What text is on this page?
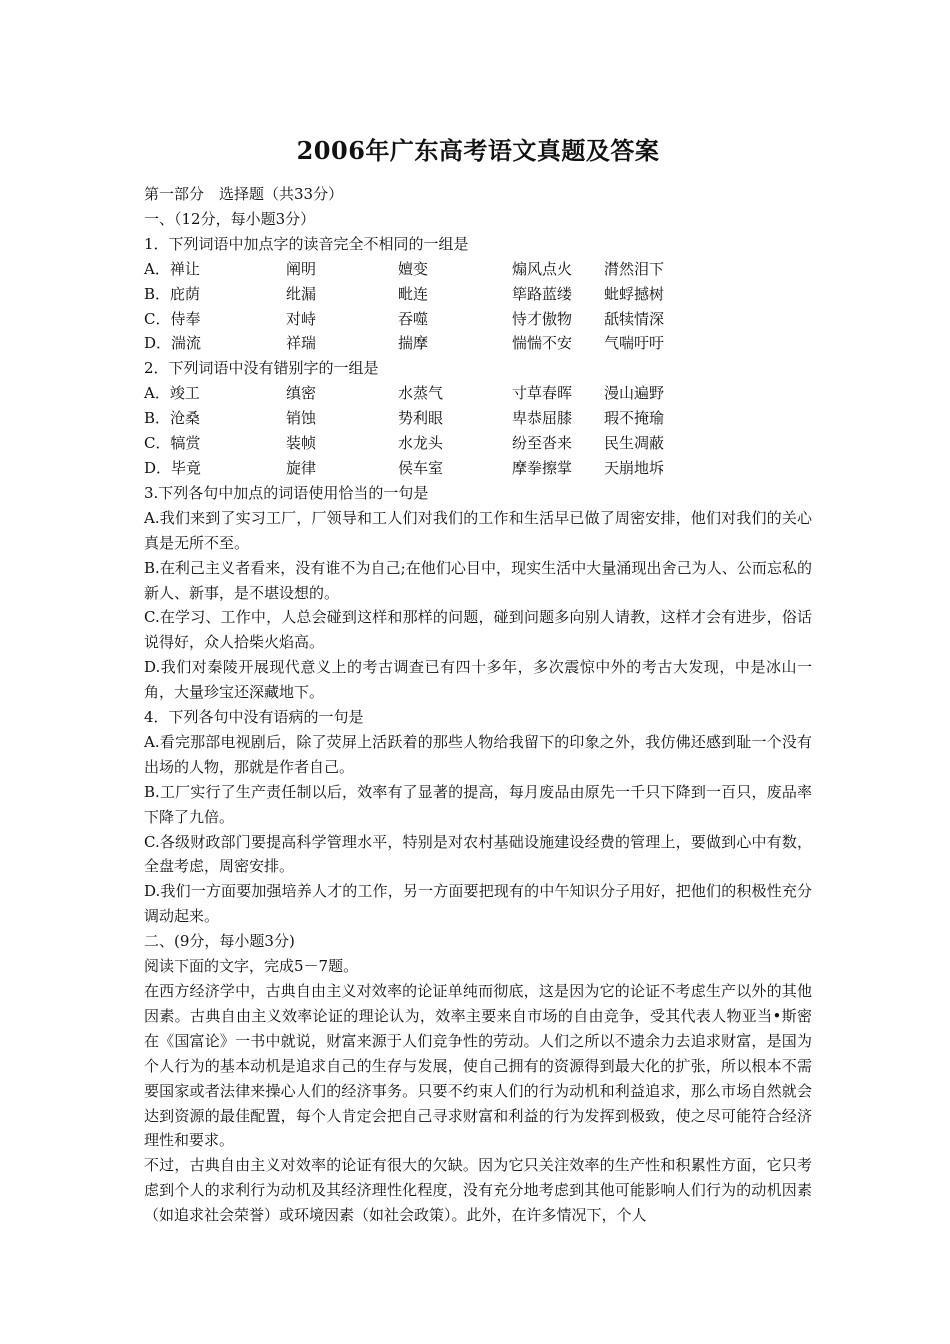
2006年广东高考语文真题及答案
第一部分　选择题（共33分）
一、（12分，每小题3分）
1．下列词语中加点字的读音完全不相同的一组是
A．禅让	阐明	嬗变	煽风点火	潸然泪下
B．庇荫	纰漏	毗连	筚路蓝缕	蚍蜉撼树
C．侍奉	对峙	吞噬	恃才傲物	舐犊情深
D．湍流	祥瑞	揣摩	惴惴不安	气喘吁吁
2．下列词语中没有错别字的一组是
A．竣工	缜密	水蒸气	寸草春晖	漫山遍野
B．沧桑	销蚀	势利眼	卑恭屈膝	瑕不掩瑜
C．犒赏	装帧	水龙头	纷至沓来	民生凋蔽
D．毕竟	旋律	侯车室	摩拳擦掌	天崩地坼
3.下列各句中加点的词语使用恰当的一句是
A.我们来到了实习工厂，厂领导和工人们对我们的工作和生活早已做了周密安排，他们对我们的关心真是无所不至。
B.在利己主义者看来，没有谁不为自己;在他们心目中，现实生活中大量涌现出舍己为人、公而忘私的新人、新事，是不堪设想的。
C.在学习、工作中，人总会碰到这样和那样的问题，碰到问题多向别人请教，这样才会有进步，俗话说得好，众人拾柴火焰高。
D.我们对秦陵开展现代意义上的考古调查已有四十多年，多次震惊中外的考古大发现，中是冰山一角，大量珍宝还深藏地下。
4．下列各句中没有语病的一句是
A.看完那部电视剧后，除了荧屏上活跃着的那些人物给我留下的印象之外，我仿佛还感到耻一个没有出场的人物，那就是作者自己。
B.工厂实行了生产责任制以后，效率有了显著的提高，每月废品由原先一千只下降到一百只，废品率下降了九倍。
C.各级财政部门要提高科学管理水平，特别是对农村基础设施建设经费的管理上，要做到心中有数，全盘考虑，周密安排。
D.我们一方面要加强培养人才的工作，另一方面要把现有的中午知识分子用好，把他们的积极性充分调动起来。
二、(9分，每小题3分)
阅读下面的文字，完成5－7题。
在西方经济学中，古典自由主义对效率的论证单纯而彻底，这是因为它的论证不考虑生产以外的其他因素。古典自由主义效率论证的理论认为，效率主要来自市场的自由竞争，受其代表人物亚当•斯密在《国富论》一书中就说，财富来源于人们竞争性的劳动。人们之所以不遗余力去追求财富，是国为个人行为的基本动机是追求自己的生存与发展，使自己拥有的资源得到最大化的扩张，所以根本不需要国家或者法律来操心人们的经济事务。只要不约束人们的行为动机和利益追求，那么市场自然就会达到资源的最佳配置，每个人肯定会把自己寻求财富和利益的行为发挥到极致，使之尽可能符合经济理性和要求。
不过，古典自由主义对效率的论证有很大的欠缺。因为它只关注效率的生产性和积累性方面，它只考虑到个人的求利行为动机及其经济理性化程度，没有充分地考虑到其他可能影响人们行为的动机因素（如追求社会荣誉）或环境因素（如社会政策）。此外，在许多情况下，个人
